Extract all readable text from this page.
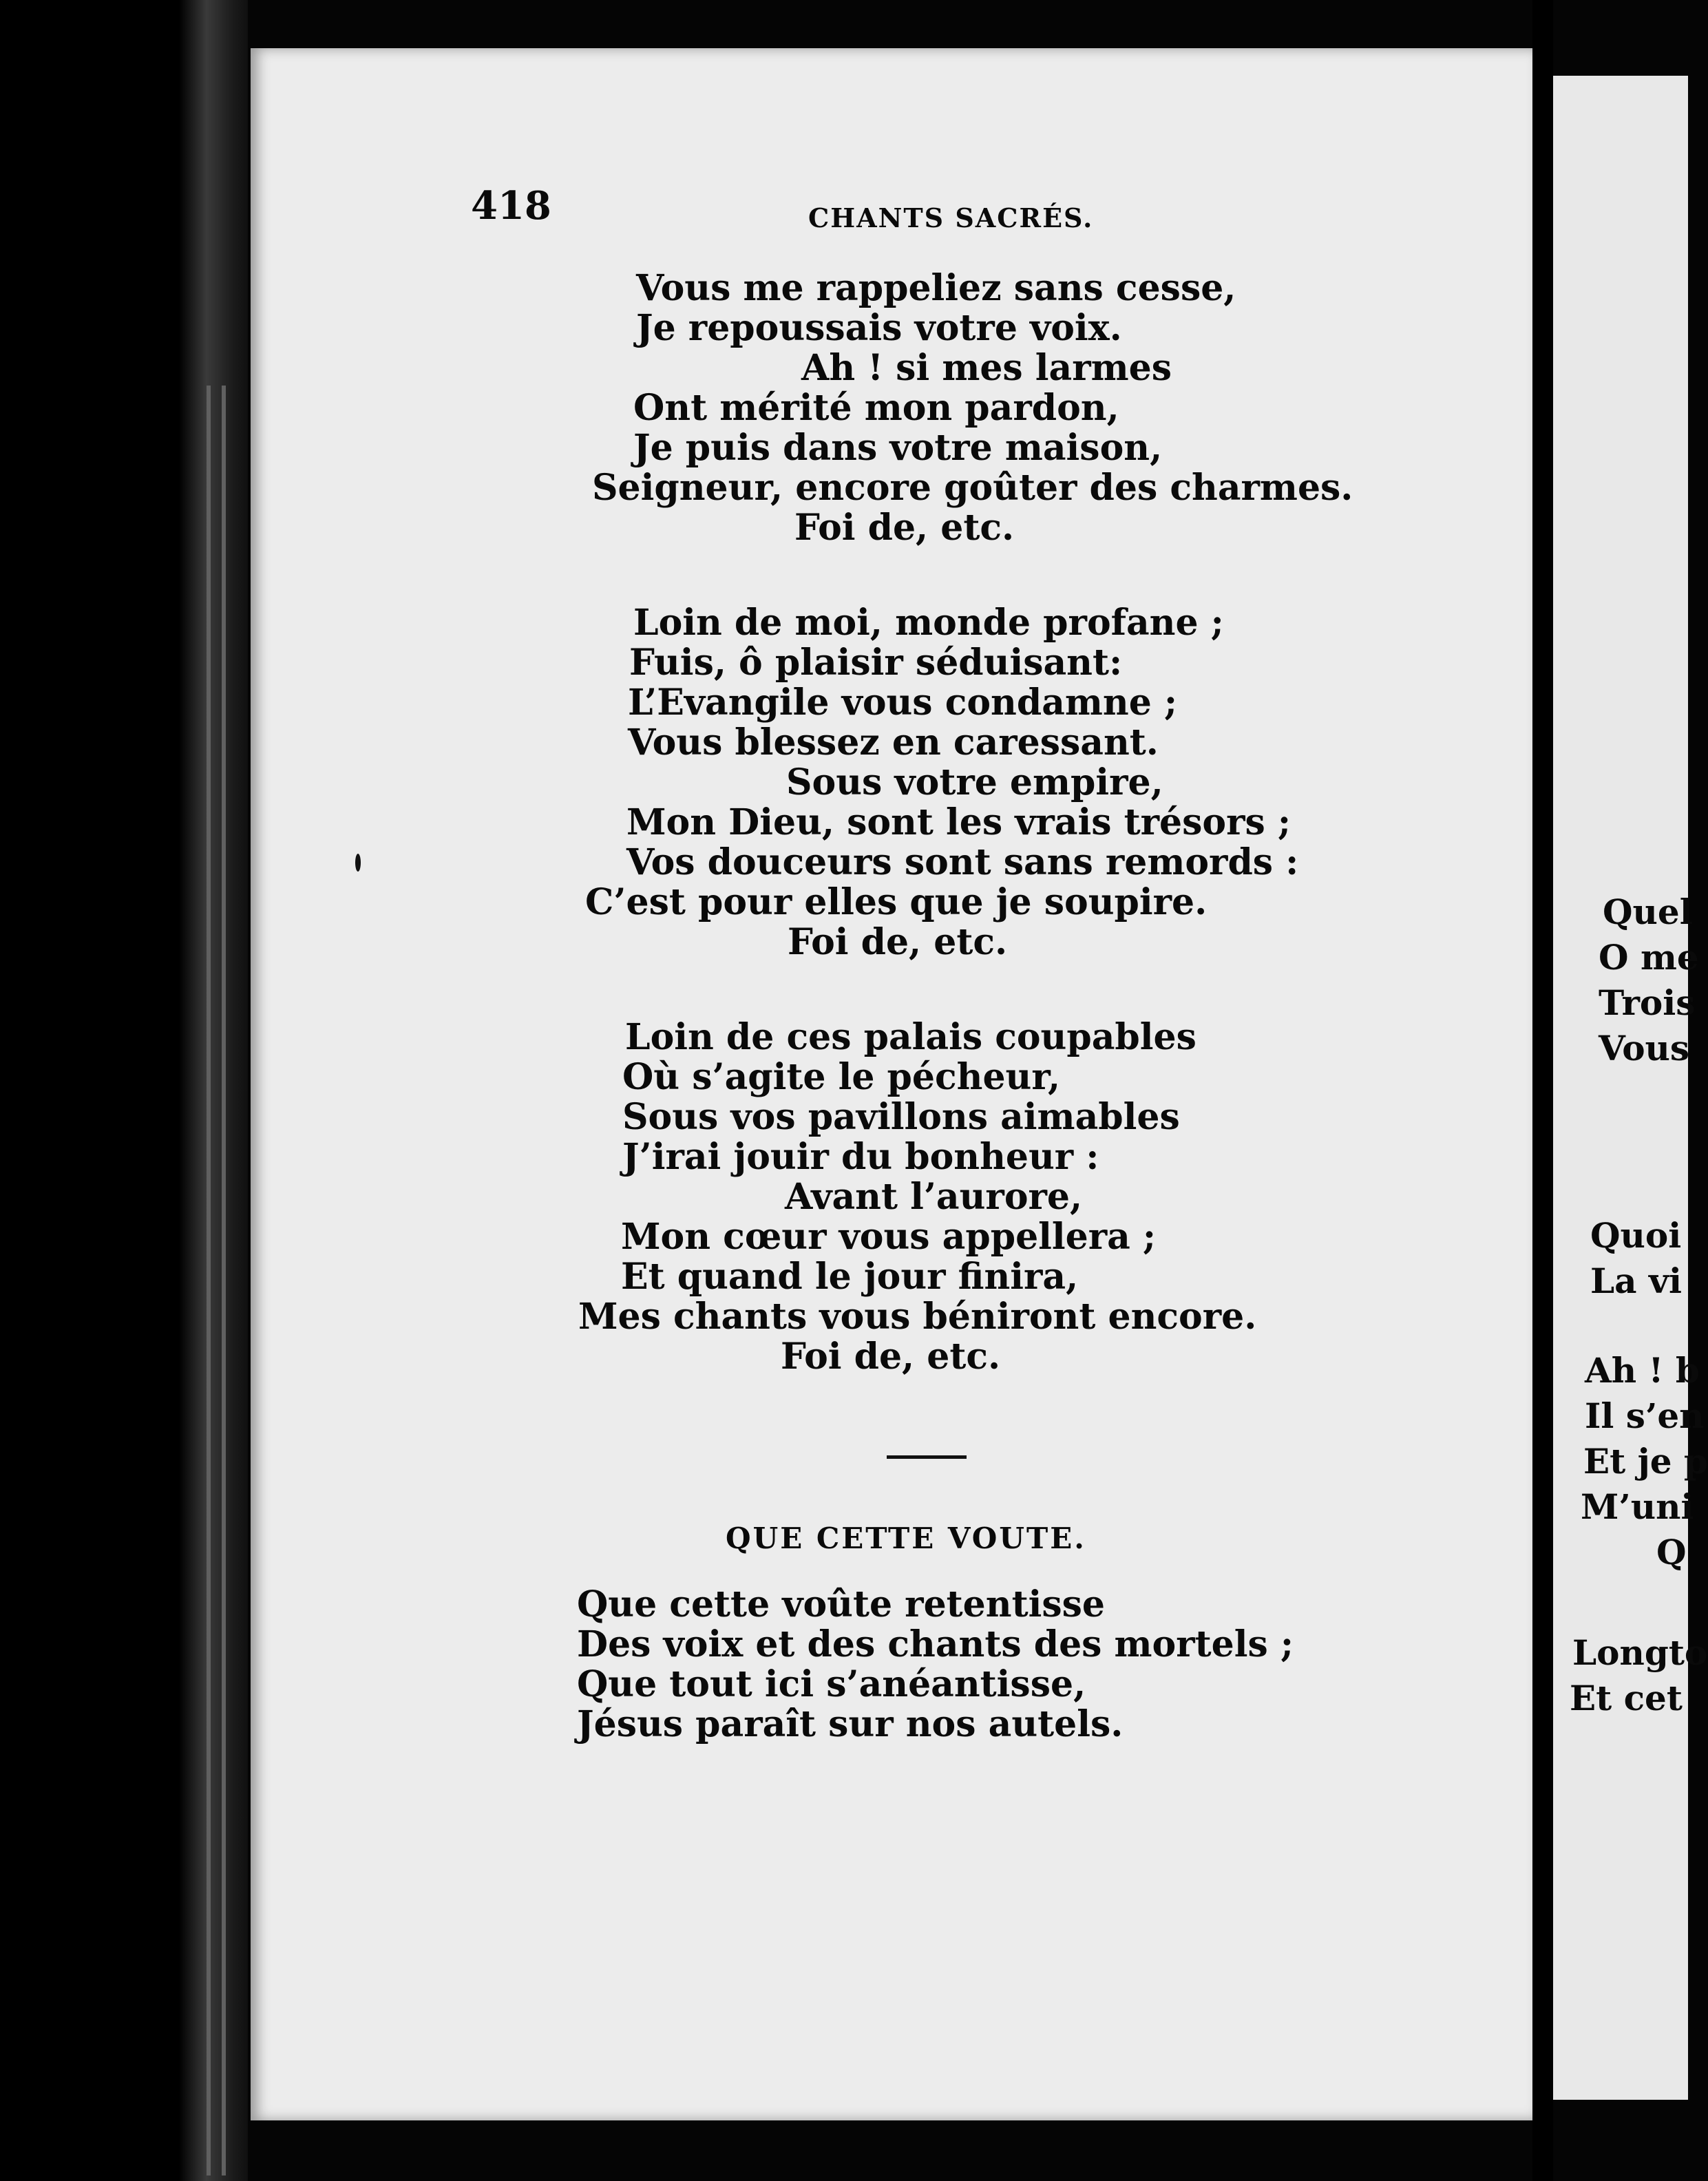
418	CHANTS SACRÉS.
Vous me rappeliez sans cesse,
Je repoussais votre voix.
Ah ! si mes larmes
Ont mérité mon pardon,
Je puis dans votre maison,
Seigneur, encore goûter des charmes.
Foi de, etc.
Loin de moi, monde profane ;
Fuis, ô plaisir séduisant:
L’Evangile vous condamne ;
Vous blessez en caressant.
Sous votre empire,
Mon Dieu, sont les vrais trésors ;
Vos douceurs sont sans remords :
C’est pour elles que je soupire.
Foi de, etc.
Loin de ces palais coupables
Où s’agite le pécheur,
Sous vos pavillons aimables
J’irai jouir du bonheur :
Avant l’aurore,
Mon cœur vous appellera ;
Et quand le jour finira,
Mes chants vous béniront encore.
Foi de, etc.
QUE CETTE VOUTE.
Que cette voûte retentisse
Des voix et des chants des mortels ;
Que tout ici s’anéantisse,
Jésus paraît sur nos autels.
Quel
O me
Trois
Vous
Quoi
La vi
Ah ! b
Il s’en
Et je p
M’uni
Q
Longto
Et cet
